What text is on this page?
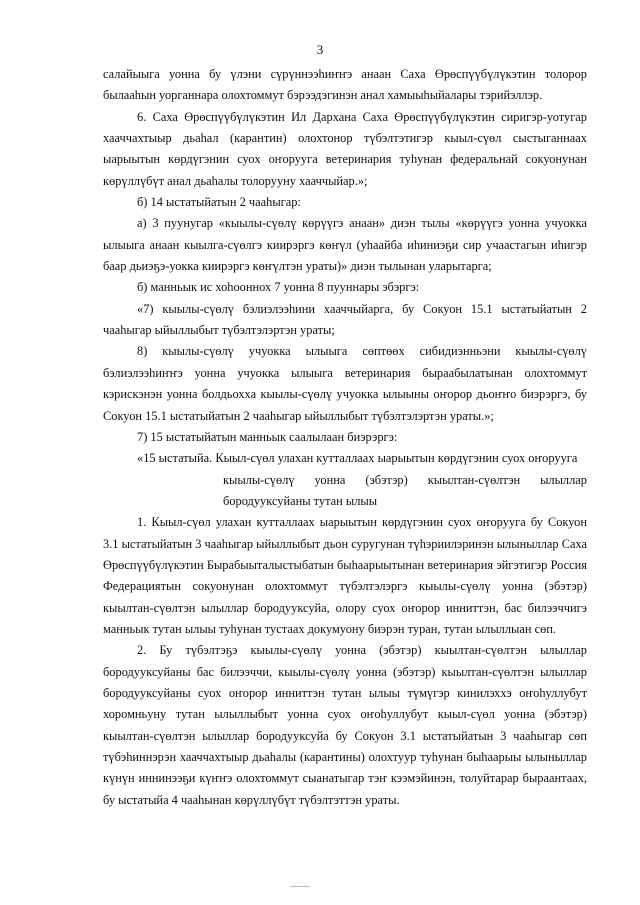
3

салайыыга уонна бу үлэни сүрүннээһиҥҥэ анаан Саха Өрөспүүбүлүкэтин толорор былааһын уорганнара олохтоммут бэрээдэгинэн анал хамыыһыйалары тэрийэллэр.

6. Саха Өрөспүүбүлүкэтин Ил Дархана Саха Өрөспүүбүлүкэтин сиригэр-уотугар хааччахтыыр дьаһал (карантин) олохтонор түбэлтэтигэр кыыл-сүөл сыстыганнаах ыарыытын көрдүгэнин суох оҥорууга ветеринария туһунан федеральнай сокуонунан көрүллүбүт анал дьаһалы толорууну хааччыйар.»;

б) 14 ыстатыйатын 2 чааһыгар:

а) 3 пуунугар «кыылы-сүөлү көрүүгэ анаан» диэн тылы «көрүүгэ уонна учуокка ылыыга анаан кыылга-сүөлгэ киирэргэ көҥүл (уһаайба иһиниэҕи сир учаастагын иһигэр баар дьиэҕэ-уокка киирэргэ көҥүлтэн ураты)» диэн тылынан уларытарга;

б) манньык ис хоһооннох 7 уонна 8 пууннары эбэргэ:

«7) кыылы-сүөлү бэлиэлээһини хааччыйарга, бу Сокуон 15.1 ыстатыйатын 2 чааһыгар ыйыллыбыт түбэлтэлэртэн ураты;

8) кыылы-сүөлү учуокка ылыыга сөптөөх сибидиэнньэни кыылы-сүөлү бэлиэлээһиҥҥэ уонна учуокка ылыыга ветеринария быраабылатынан олохтоммут кэрискэнэн уонна болдьохха кыылы-сүөлү учуокка ылыыны оҥорор дьоҥҥо биэрэргэ, бу Сокуон 15.1 ыстатыйатын 2 чааһыгар ыйыллыбыт түбэлтэлэртэн ураты.»;

7) 15 ыстатыйатын манньык саалылаан биэрэргэ:

«15 ыстатыйа. Кыыл-сүөл улахан кутталлаах ыарыытын көрдүгэнин суох оҥорууга

кыылы-сүөлү уонна (эбэтэр) кыылтан-сүөлтэн ылыллар
бородууксуйаны тутан ылыы

1. Кыыл-сүөл улахан кутталлаах ыарыытын көрдүгэнин суох оҥорууга бу Сокуон 3.1 ыстатыйатын 3 чааһыгар ыйыллыбыт дьон суругунан түһэриилэринэн ылыныллар Саха Өрөспүүбүлүкэтин Бырабыыталыстыбатын быһаарыытынан ветеринария эйгэтигэр Россия Федерациятын сокуонунан олохтоммут түбэлтэлэргэ кыылы-сүөлү уонна (эбэтэр) кыылтан-сүөлтэн ылыллар бородууксуйа, олору суох оҥорор инниттэн, бас билээччигэ манньык тутан ылыы туһунан тустаах докумуону биэрэн туран, тутан ылыллыан сөп.

2. Бу түбэлтэҕэ кыылы-сүөлү уонна (эбэтэр) кыылтан-сүөлтэн ылыллар бородууксуйаны бас билээччи, кыылы-сүөлү уонна (эбэтэр) кыылтан-сүөлтэн ылыллар бородууксуйаны суох оҥорор инниттэн тутан ылыы түмүгэр кинилэххэ оҥоһуллубут хоромньуну тутан ылыллыбыт уонна суох оҥоһуллубут кыыл-сүөл уонна (эбэтэр) кыылтан-сүөлтэн ылыллар бородууксуйа бу Сокуон 3.1 ыстатыйатын 3 чааһыгар сөп түбэһиннэрэн хааччахтыыр дьаһалы (карантины) олохтуур туһунан быһаарыы ылыныллар күнүн иннинээҕи күҥҥэ олохтоммут сыанатыгар тэҥ кээмэйинэн, толуйтарар быраантаах, бу ыстатыйа 4 чааһынан көрүллүбүт түбэлтэттэн ураты.
